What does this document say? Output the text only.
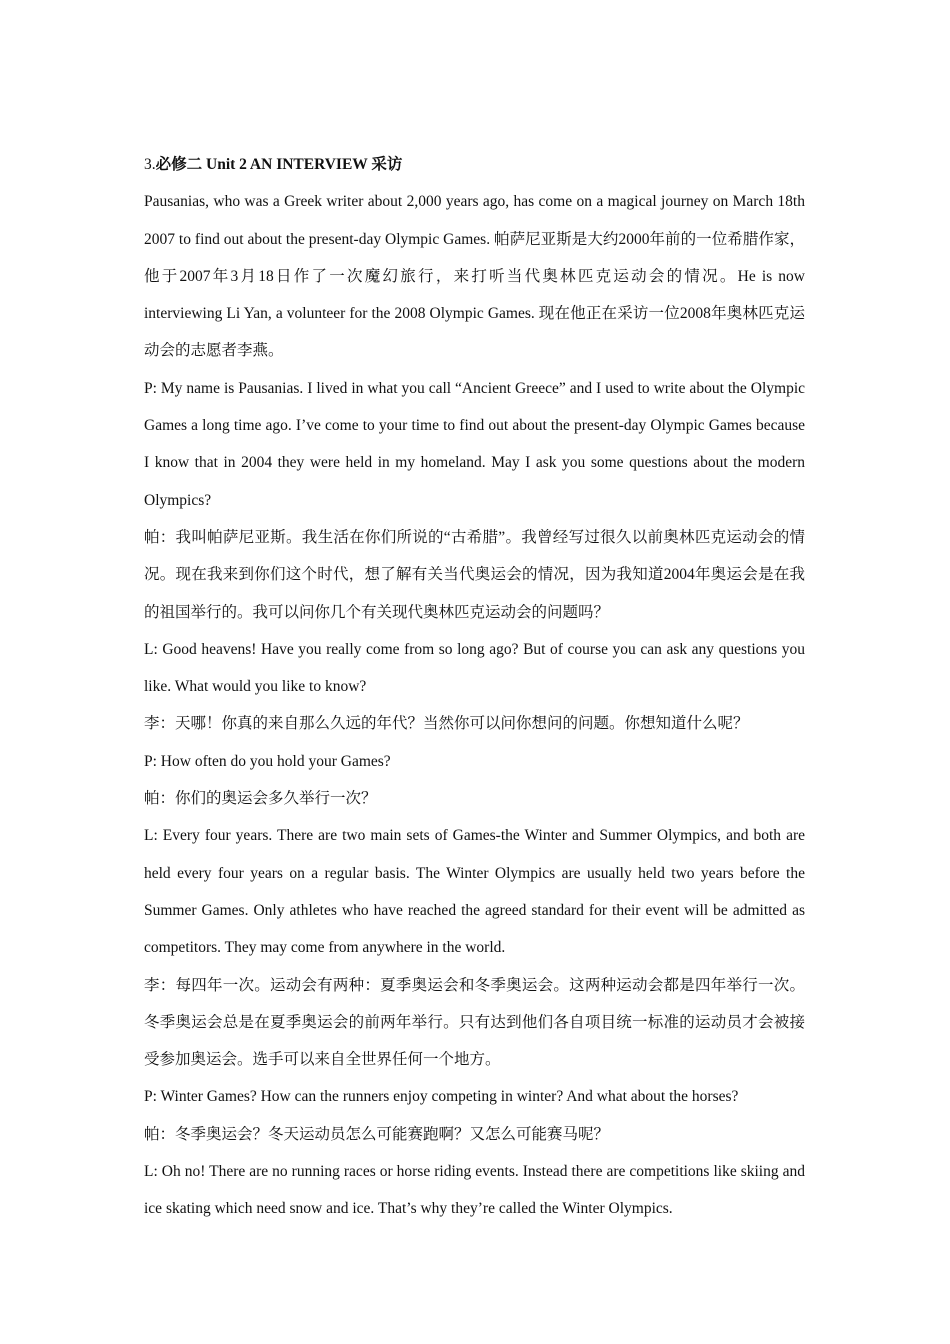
3.必修二 Unit 2 AN INTERVIEW 采访

Pausanias, who was a Greek writer about 2,000 years ago, has come on a magical journey on March 18th 2007 to find out about the present-day Olympic Games. 帕萨尼亚斯是大约2000年前的一位希腊作家，他于2007年3月18日作了一次魔幻旅行，来打听当代奥林匹克运动会的情况。He is now interviewing Li Yan, a volunteer for the 2008 Olympic Games. 现在他正在采访一位2008年奥林匹克运动会的志愿者李燕。

P: My name is Pausanias. I lived in what you call “Ancient Greece” and I used to write about the Olympic Games a long time ago. I’ve come to your time to find out about the present-day Olympic Games because I know that in 2004 they were held in my homeland. May I ask you some questions about the modern Olympics?

帕：我叫帕萨尼亚斯。我生活在你们所说的“古希腊”。我曾经写过很久以前奥林匹克运动会的情况。现在我来到你们这个时代，想了解有关当代奥运会的情况，因为我知道2004年奥运会是在我的祖国举行的。我可以问你几个有关现代奥林匹克运动会的问题吗？

L: Good heavens! Have you really come from so long ago? But of course you can ask any questions you like. What would you like to know?

李：天哪！你真的来自那么久远的年代？当然你可以问你想问的问题。你想知道什么呢？

P: How often do you hold your Games?

帕：你们的奥运会多久举行一次？

L: Every four years. There are two main sets of Games-the Winter and Summer Olympics, and both are held every four years on a regular basis. The Winter Olympics are usually held two years before the Summer Games. Only athletes who have reached the agreed standard for their event will be admitted as competitors. They may come from anywhere in the world.

李：每四年一次。运动会有两种：夏季奥运会和冬季奥运会。这两种运动会都是四年举行一次。冬季奥运会总是在夏季奥运会的前两年举行。只有达到他们各自项目统一标准的运动员才会被接受参加奥运会。选手可以来自全世界任何一个地方。

P: Winter Games? How can the runners enjoy competing in winter? And what about the horses?

帕：冬季奥运会？冬天运动员怎么可能赛跑啊？又怎么可能赛马呢？

L: Oh no! There are no running races or horse riding events. Instead there are competitions like skiing and ice skating which need snow and ice. That’s why they’re called the Winter Olympics.
